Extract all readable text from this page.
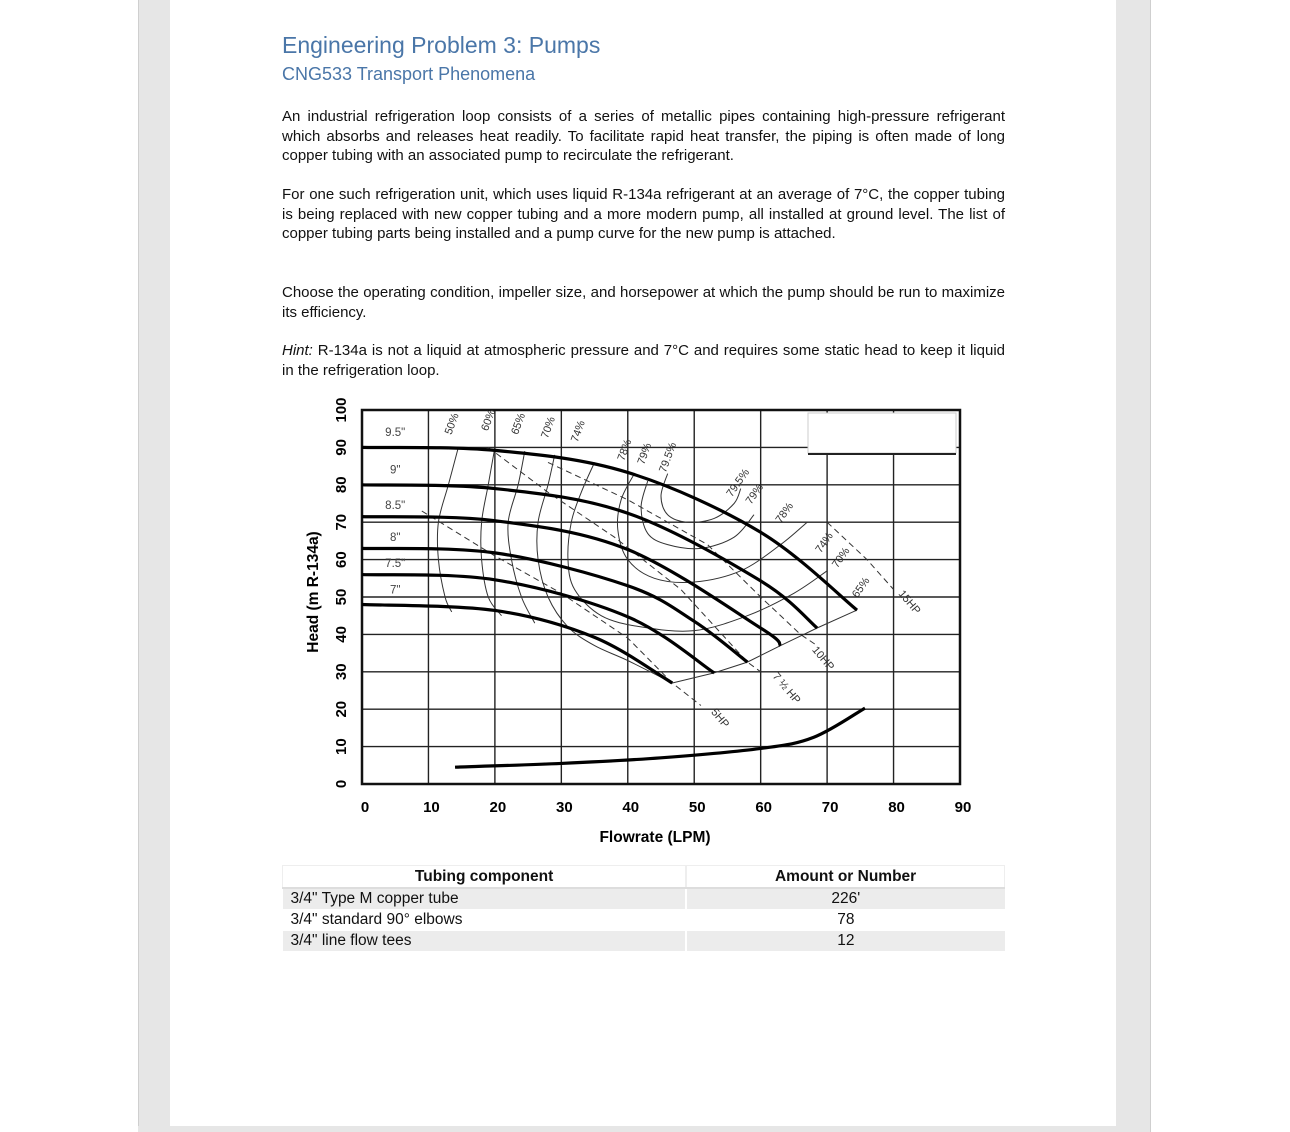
Engineering Problem 3: Pumps
CNG533 Transport Phenomena
An industrial refrigeration loop consists of a series of metallic pipes containing high-pressure refrigerant which absorbs and releases heat readily. To facilitate rapid heat transfer, the piping is often made of long copper tubing with an associated pump to recirculate the refrigerant.
For one such refrigeration unit, which uses liquid R-134a refrigerant at an average of 7°C, the copper tubing is being replaced with new copper tubing and a more modern pump, all installed at ground level. The list of copper tubing parts being installed and a pump curve for the new pump is attached.
Choose the operating condition, impeller size, and horsepower at which the pump should be run to maximize its efficiency.
Hint: R-134a is not a liquid at atmospheric pressure and 7°C and requires some static head to keep it liquid in the refrigeration loop.
Tubing component	Amount or Number
3/4" Type M copper tube	226'
3/4" standard 90° elbows	78
3/4" line flow tees	12
0	10	20	30	40	50	60	70	80	90
0
10
20
30
40
50
60
70
80
90
100
Flowrate (LPM)
Head (m R-134a)
50% 60% 65% 70% 74%
78% 79% 79.5%
79.5%
79%
78%
74%
70%
65%
5HP
7 ½ HP
10HP
15HP
9.5"
9"
8.5"
8"
7.5"
7"
